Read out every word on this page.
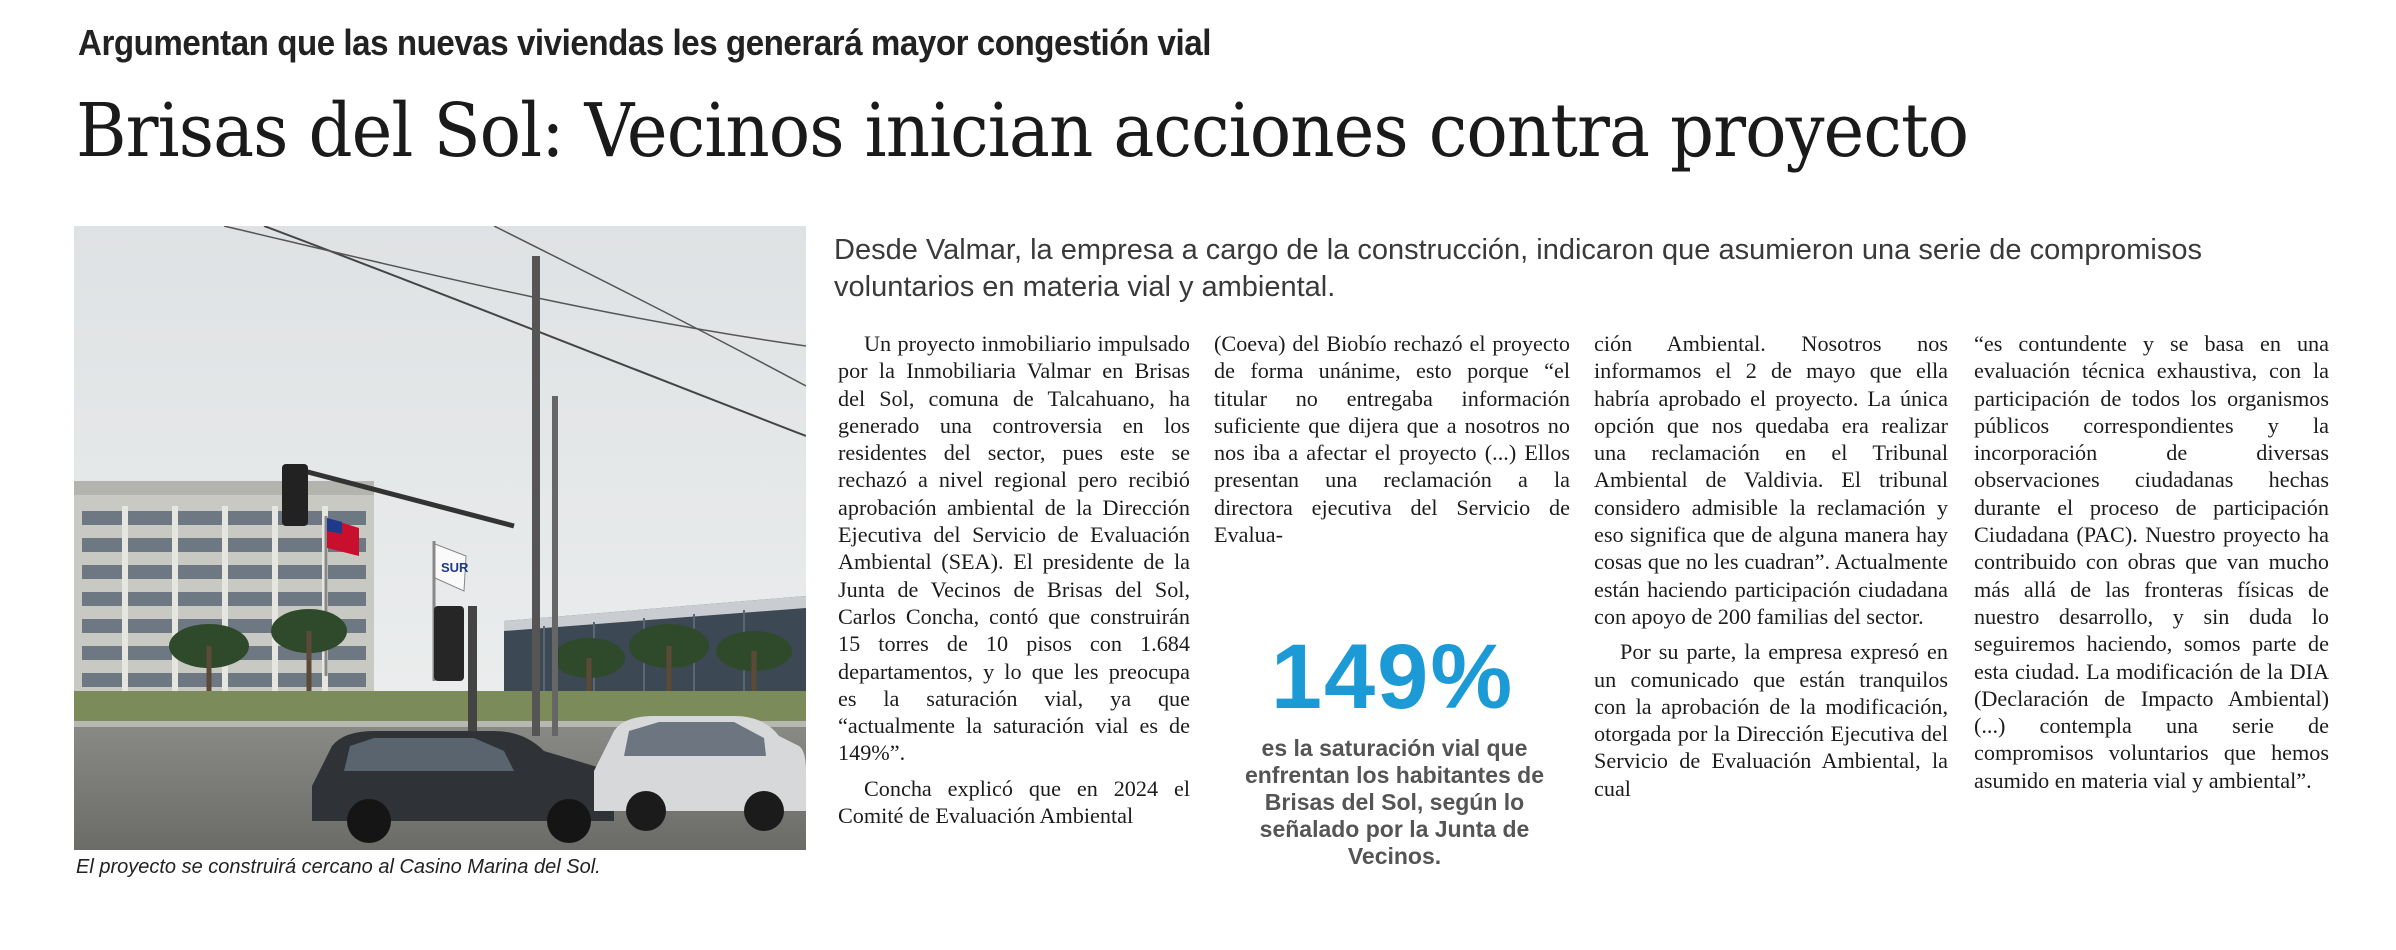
Argumentan que las nuevas viviendas les generará mayor congestión vial
Brisas del Sol: Vecinos inician acciones contra proyecto
SUR
El proyecto se construirá cercano al Casino Marina del Sol.
Desde Valmar, la empresa a cargo de la construcción, indicaron que asumieron una serie de compromisos voluntarios en materia vial y ambiental.

Un proyecto inmobiliario impulsado por la Inmobiliaria Valmar en Brisas del Sol, comuna de Talcahuano, ha generado una controversia en los residentes del sector, pues este se rechazó a nivel regional pero recibió aprobación ambiental de la Dirección Ejecutiva del Servicio de Evaluación Ambiental (SEA). El presidente de la Junta de Vecinos de Brisas del Sol, Carlos Concha, contó que construirán 15 torres de 10 pisos con 1.684 departamentos, y lo que les preocupa es la saturación vial, ya que “actualmente la saturación vial es de 149%”.

Concha explicó que en 2024 el Comité de Evaluación Ambiental

(Coeva) del Biobío rechazó el proyecto de forma unánime, esto porque “el titular no entregaba información suficiente que dijera que a nosotros no nos iba a afectar el proyecto (...) Ellos presentan una reclamación a la directora ejecutiva del Servicio de Evalua-

149%
es la saturación vial que enfrentan los habitantes de Brisas del Sol, según lo señalado por la Junta de Vecinos.

ción Ambiental. Nosotros nos informamos el 2 de mayo que ella habría aprobado el proyecto. La única opción que nos quedaba era realizar una reclamación en el Tribunal Ambiental de Valdivia. El tribunal considero admisible la reclamación y eso significa que de alguna manera hay cosas que no les cuadran”. Actualmente están haciendo participación ciudadana con apoyo de 200 familias del sector.

Por su parte, la empresa expresó en un comunicado que están tranquilos con la aprobación de la modificación, otorgada por la Dirección Ejecutiva del Servicio de Evaluación Ambiental, la cual

“es contundente y se basa en una evaluación técnica exhaustiva, con la participación de todos los organismos públicos correspondientes y la incorporación de diversas observaciones ciudadanas hechas durante el proceso de participación Ciudadana (PAC). Nuestro proyecto ha contribuido con obras que van mucho más allá de las fronteras físicas de nuestro desarrollo, y sin duda lo seguiremos haciendo, somos parte de esta ciudad. La modificación de la DIA (Declaración de Impacto Ambiental) (...) contempla una serie de compromisos voluntarios que hemos asumido en materia vial y ambiental”.
